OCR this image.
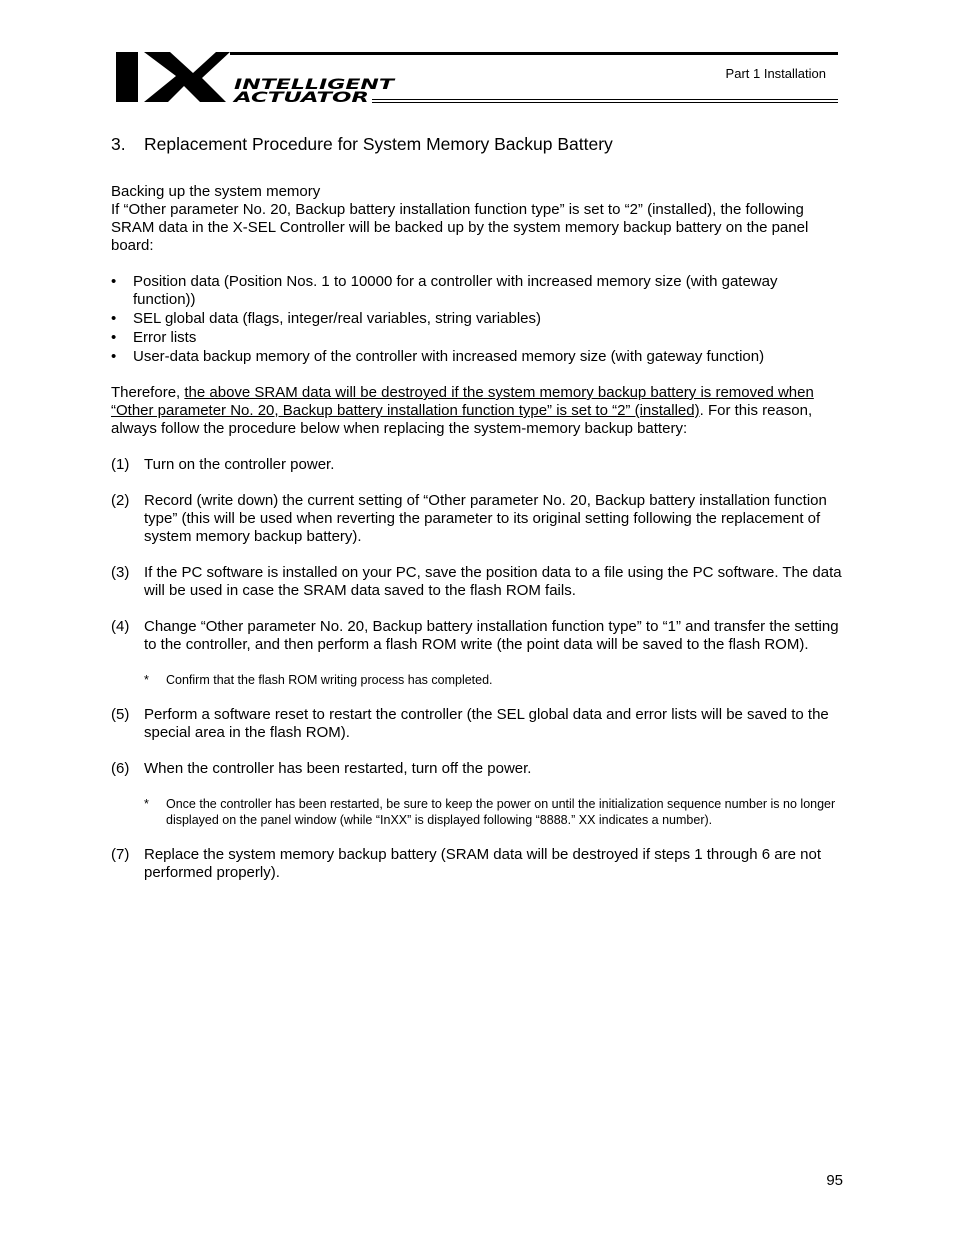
INTELLIGENT
ACTUATOR
Part 1 Installation
3.	Replacement Procedure for System Memory Backup Battery

Backing up the system memory

If “Other parameter No. 20, Backup battery installation function type” is set to “2” (installed), the following SRAM data in the X-SEL Controller will be backed up by the system memory backup battery on the panel board:

• Position data (Position Nos. 1 to 10000 for a controller with increased memory size (with gateway function))
• SEL global data (flags, integer/real variables, string variables)
• Error lists
• User-data backup memory of the controller with increased memory size (with gateway function)

Therefore, the above SRAM data will be destroyed if the system memory backup battery is removed when “Other parameter No. 20, Backup battery installation function type” is set to “2” (installed). For this reason, always follow the procedure below when replacing the system-memory backup battery:

(1) Turn on the controller power.
(2) Record (write down) the current setting of “Other parameter No. 20, Backup battery installation function type” (this will be used when reverting the parameter to its original setting following the replacement of system memory backup battery).
(3) If the PC software is installed on your PC, save the position data to a file using the PC software. The data will be used in case the SRAM data saved to the flash ROM fails.
(4) Change “Other parameter No. 20, Backup battery installation function type” to “1” and transfer the setting to the controller, and then perform a flash ROM write (the point data will be saved to the flash ROM).
*	Confirm that the flash ROM writing process has completed.
(5) Perform a software reset to restart the controller (the SEL global data and error lists will be saved to the special area in the flash ROM).
(6) When the controller has been restarted, turn off the power.
*	Once the controller has been restarted, be sure to keep the power on until the initialization sequence number is no longer displayed on the panel window (while “InXX” is displayed following “8888.” XX indicates a number).
(7) Replace the system memory backup battery (SRAM data will be destroyed if steps 1 through 6 are not performed properly).
95
